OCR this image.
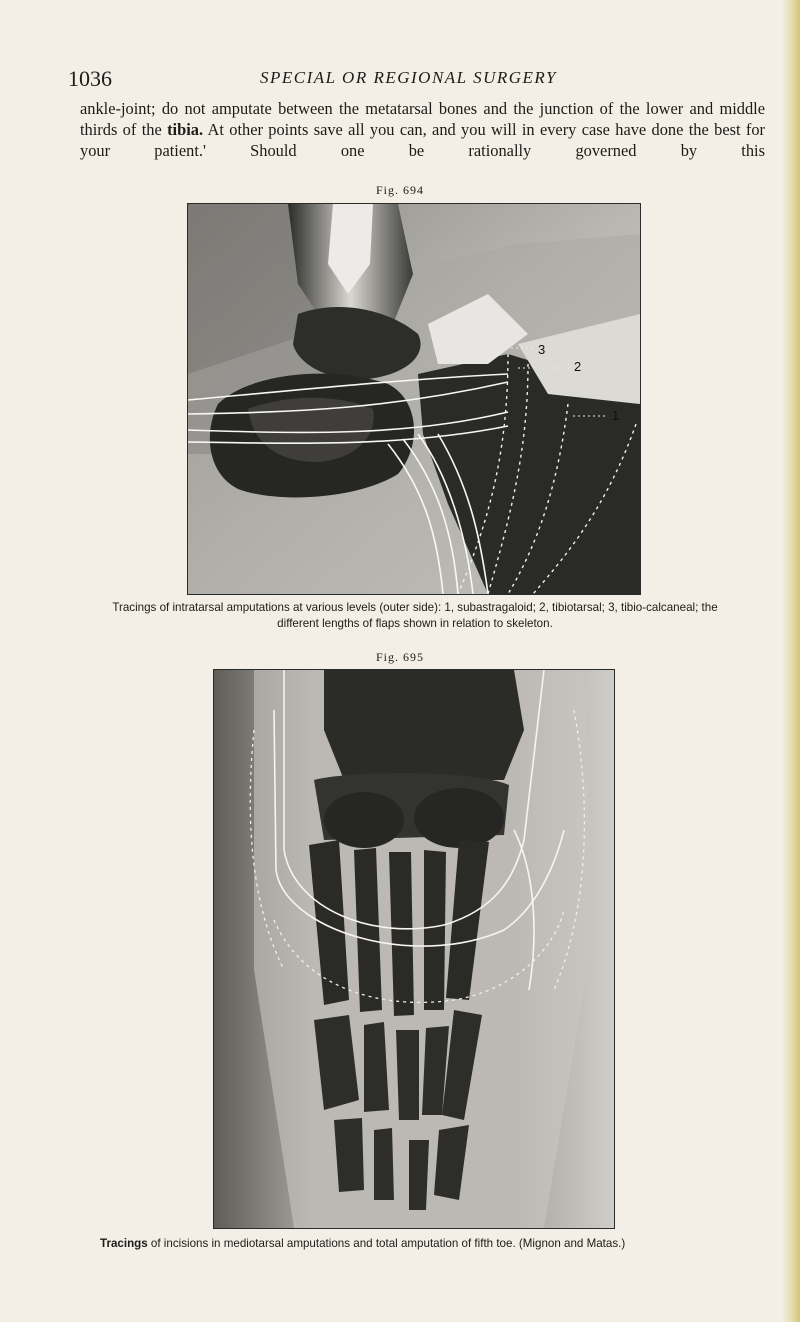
1036	SPECIAL OR REGIONAL SURGERY

ankle-joint; do not amputate between the metatarsal bones and the junction of the lower and middle thirds of the tibia. At other points save all you can, and you will in every case have done the best for your patient.' Should one be rationally governed by this

Fig. 694
3
2
1

Tracings of intratarsal amputations at various levels (outer side): 1, subastragaloid; 2, tibiotarsal; 3, tibio-calcaneal; the different lengths of flaps shown in relation to skeleton.

Fig. 695

Tracings of incisions in mediotarsal amputations and total amputation of fifth toe. (Mignon and Matas.)
